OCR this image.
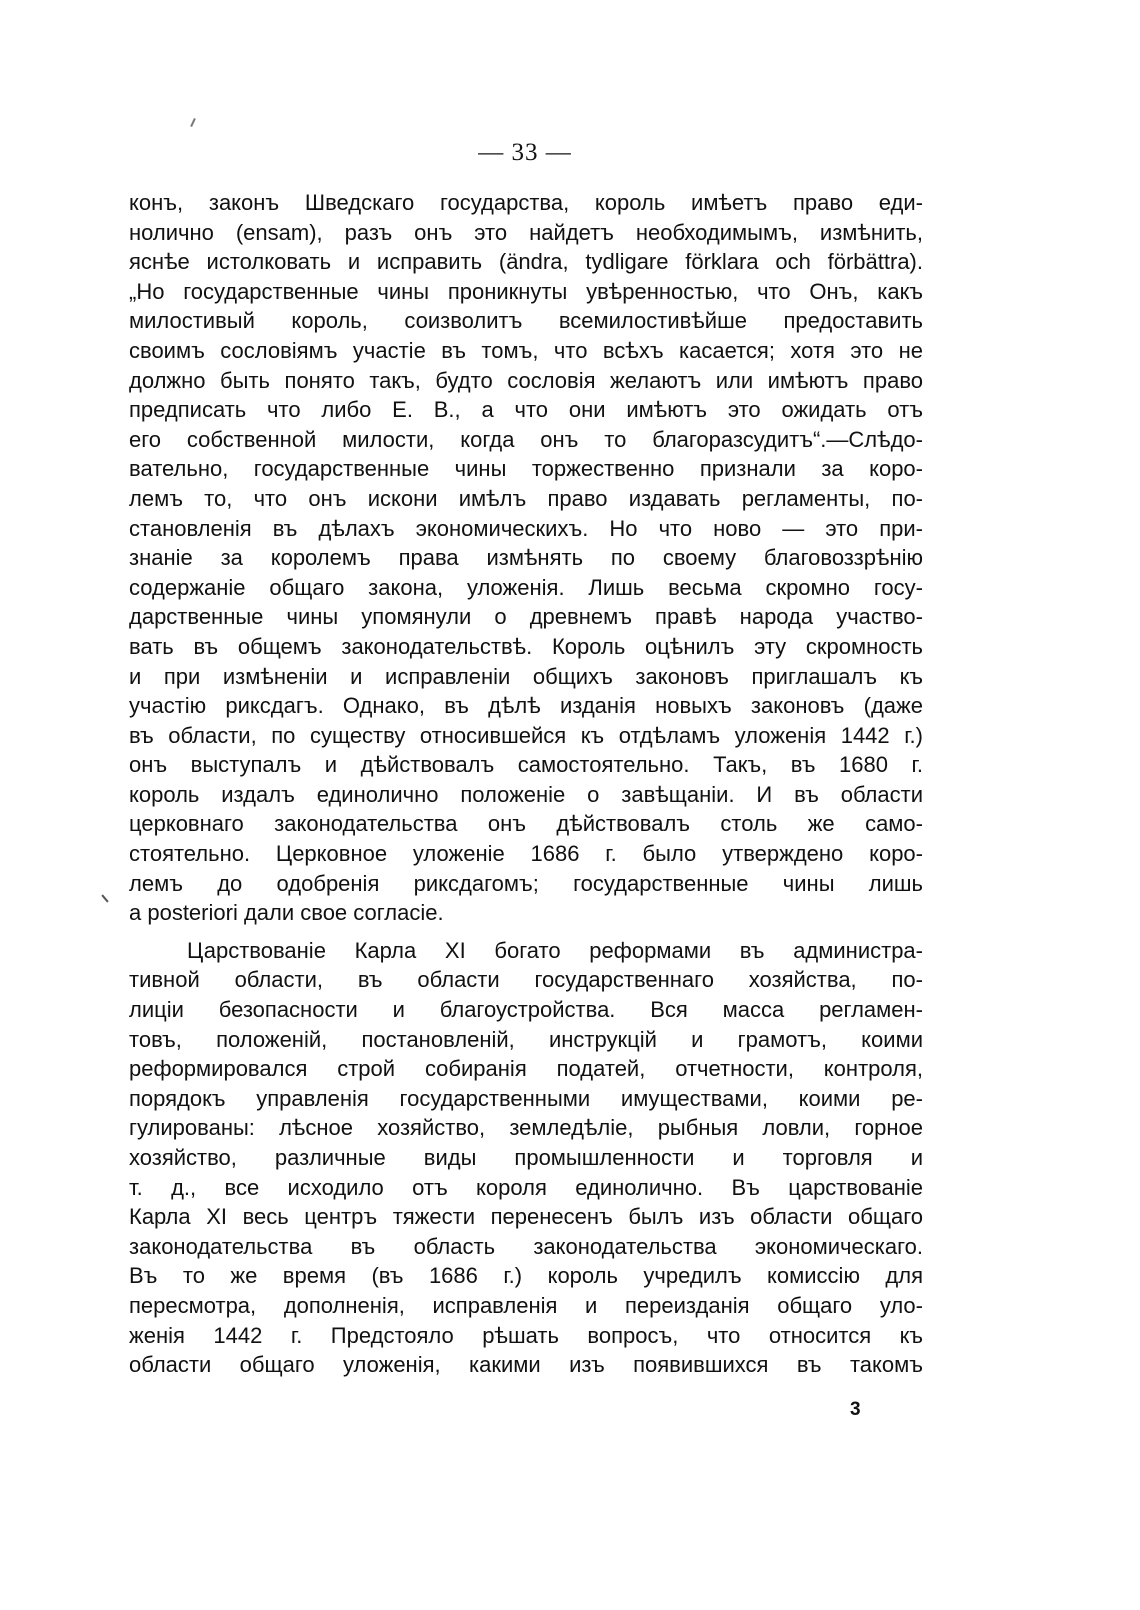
— 33 —
конъ, законъ Шведскаго государства, король имѣетъ право еди-
нолично (ensam), разъ онъ это найдетъ необходимымъ, измѣнить,
яснѣе истолковать и исправить (ändra, tydligare förklara och förbättra).
„Но государственные чины проникнуты увѣренностью, что Онъ, какъ
милостивый король, соизволитъ всемилостивѣйше предоставить
своимъ сословіямъ участіе въ томъ, что всѣхъ касается; хотя это не
должно быть понято такъ, будто сословія желаютъ или имѣютъ право
предписать что либо Е. В., а что они имѣютъ это ожидать отъ
его собственной милости, когда онъ то благоразсудитъ“.—Слѣдо-
вательно, государственные чины торжественно признали за коро-
лемъ то, что онъ искони имѣлъ право издавать регламенты, по-
становленія въ дѣлахъ экономическихъ. Но что ново — это при-
знаніе за королемъ права измѣнять по своему благовоззрѣнію
содержаніе общаго закона, уложенія. Лишь весьма скромно госу-
дарственные чины упомянули о древнемъ правѣ народа участво-
вать въ общемъ законодательствѣ. Король оцѣнилъ эту скромность
и при измѣненіи и исправленіи общихъ законовъ приглашалъ къ
участію риксдагъ. Однако, въ дѣлѣ изданія новыхъ законовъ (даже
въ области, по существу относившейся къ отдѣламъ уложенія 1442 г.)
онъ выступалъ и дѣйствовалъ самостоятельно. Такъ, въ 1680 г.
король издалъ единолично положеніе о завѣщаніи. И въ области
церковнаго законодательства онъ дѣйствовалъ столь же само-
стоятельно. Церковное уложеніе 1686 г. было утверждено коро-
лемъ до одобренія риксдагомъ; государственные чины лишь
a posteriori дали свое согласіе.
Царствованіе Карла XI богато реформами въ администра-
тивной области, въ области государственнаго хозяйства, по-
лиціи безопасности и благоустройства. Вся масса регламен-
товъ, положеній, постановленій, инструкцій и грамотъ, коими
реформировался строй собиранія податей, отчетности, контроля,
порядокъ управленія государственными имуществами, коими ре-
гулированы: лѣсное хозяйство, земледѣліе, рыбныя ловли, горное
хозяйство, различные виды промышленности и торговля и
т. д., все исходило отъ короля единолично. Въ царствованіе
Карла XI весь центръ тяжести перенесенъ былъ изъ области общаго
законодательства въ область законодательства экономическаго.
Въ то же время (въ 1686 г.) король учредилъ комиссію для
пересмотра, дополненія, исправленія и переизданія общаго уло-
женія 1442 г. Предстояло рѣшать вопросъ, что относится къ
области общаго уложенія, какими изъ появившихся въ такомъ
3
